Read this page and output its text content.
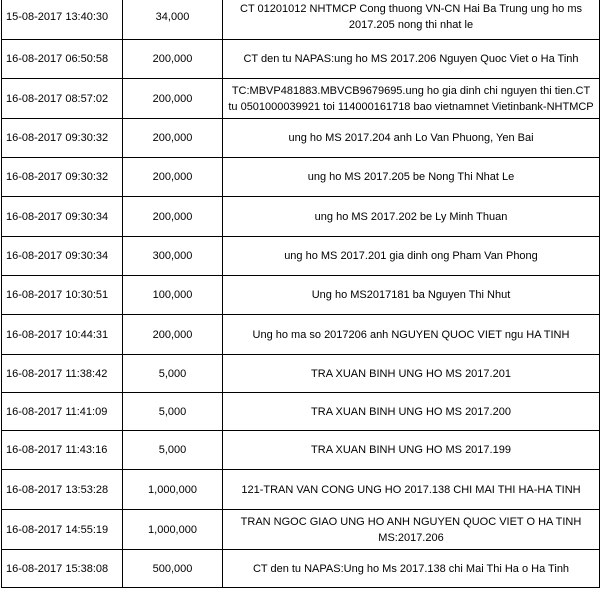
15-08-2017 13:40:30	34,000	CT 01201012 NHTMCP Cong thuong VN-CN Hai Ba Trung ung ho ms 2017.205 nong thi nhat le
16-08-2017 06:50:58	200,000	CT den tu NAPAS:ung ho MS 2017.206 Nguyen Quoc Viet o Ha Tinh
16-08-2017 08:57:02	200,000	TC:MBVP481883.MBVCB9679695.ung ho gia dinh chi nguyen thi tien.CT tu 0501000039921 toi 114000161718 bao vietnamnet Vietinbank-NHTMCP
16-08-2017 09:30:32	200,000	ung ho MS 2017.204 anh Lo Van Phuong, Yen Bai
16-08-2017 09:30:32	200,000	ung ho MS 2017.205 be Nong Thi Nhat Le
16-08-2017 09:30:34	200,000	ung ho MS 2017.202 be Ly Minh Thuan
16-08-2017 09:30:34	300,000	ung ho MS 2017.201 gia dinh ong Pham Van Phong
16-08-2017 10:30:51	100,000	Ung ho MS2017181 ba Nguyen Thi Nhut
16-08-2017 10:44:31	200,000	Ung ho ma so 2017206 anh NGUYEN QUOC VIET ngu HA TINH
16-08-2017 11:38:42	5,000	TRA XUAN BINH UNG HO MS 2017.201
16-08-2017 11:41:09	5,000	TRA XUAN BINH UNG HO MS 2017.200
16-08-2017 11:43:16	5,000	TRA XUAN BINH UNG HO MS 2017.199
16-08-2017 13:53:28	1,000,000	121-TRAN VAN CONG UNG HO 2017.138 CHI MAI THI HA-HA TINH
16-08-2017 14:55:19	1,000,000	TRAN NGOC GIAO UNG HO ANH NGUYEN QUOC VIET O HA TINH MS:2017.206
16-08-2017 15:38:08	500,000	CT den tu NAPAS:Ung ho Ms 2017.138 chi Mai Thi Ha o Ha Tinh
